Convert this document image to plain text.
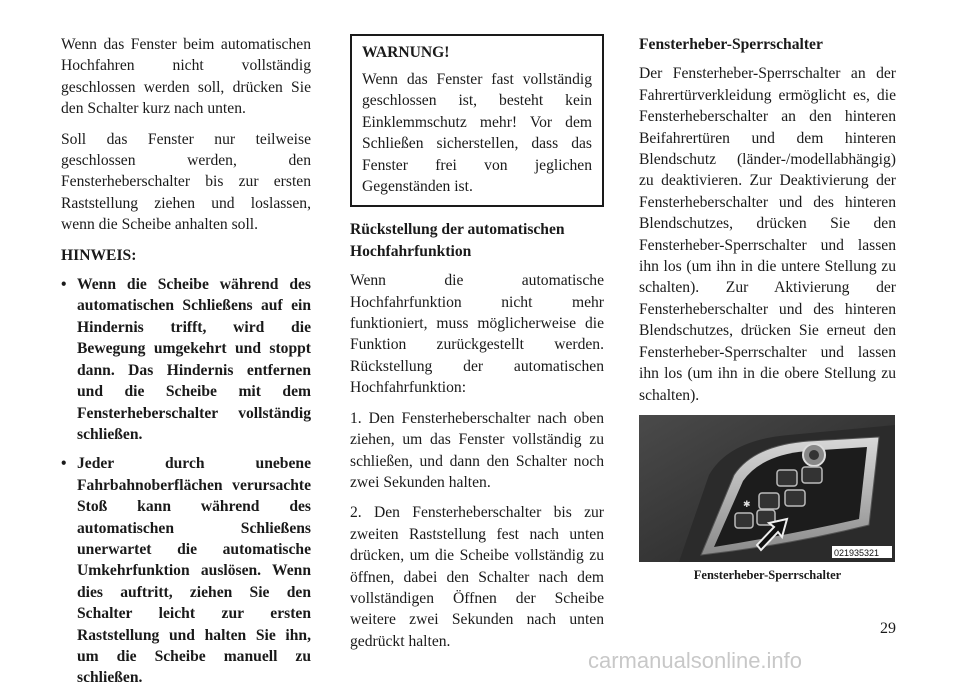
Wenn das Fenster beim automatischen Hochfahren nicht vollständig geschlossen werden soll, drücken Sie den Schalter kurz nach unten.

Soll das Fenster nur teilweise geschlossen werden, den Fensterheberschalter bis zur ersten Raststellung ziehen und loslassen, wenn die Scheibe anhalten soll.

HINWEIS:
• Wenn die Scheibe während des automatischen Schließens auf ein Hindernis trifft, wird die Bewegung umgekehrt und stoppt dann. Das Hindernis entfernen und die Scheibe mit dem Fensterheberschalter vollständig schließen.
• Jeder durch unebene Fahrbahnoberflächen verursachte Stoß kann während des automatischen Schließens unerwartet die automatische Umkehrfunktion auslösen. Wenn dies auftritt, ziehen Sie den Schalter leicht zur ersten Raststellung und halten Sie ihn, um die Scheibe manuell zu schließen.
WARNUNG!

Wenn das Fenster fast vollständig geschlossen ist, besteht kein Einklemmschutz mehr! Vor dem Schließen sicherstellen, dass das Fenster frei von jeglichen Gegenständen ist.

Rückstellung der automatischen Hochfahrfunktion

Wenn die automatische Hochfahrfunktion nicht mehr funktioniert, muss möglicherweise die Funktion zurückgestellt werden. Rückstellung der automatischen Hochfahrfunktion:

1. Den Fensterheberschalter nach oben ziehen, um das Fenster vollständig zu schließen, und dann den Schalter noch zwei Sekunden halten.

2. Den Fensterheberschalter bis zur zweiten Raststellung fest nach unten drücken, um die Scheibe vollständig zu öffnen, dabei den Schalter nach dem vollständigen Öffnen der Scheibe weitere zwei Sekunden nach unten gedrückt halten.

Fensterheber-Sperrschalter

Der Fensterheber-Sperrschalter an der Fahrertürverkleidung ermöglicht es, die Fensterheberschalter an den hinteren Beifahrertüren und dem hinteren Blendschutz (länder-/modellabhängig) zu deaktivieren. Zur Deaktivierung der Fensterheberschalter und des hinteren Blendschutzes, drücken Sie den Fensterheber-Sperrschalter und lassen ihn los (um ihn in die untere Stellung zu schalten). Zur Aktivierung der Fensterheberschalter und des hinteren Blendschutzes, drücken Sie erneut den Fensterheber-Sperrschalter und lassen ihn los (um ihn in die obere Stellung zu schalten).

✱
021935321
Fensterheber-Sperrschalter
29
carmanualsonline.info
